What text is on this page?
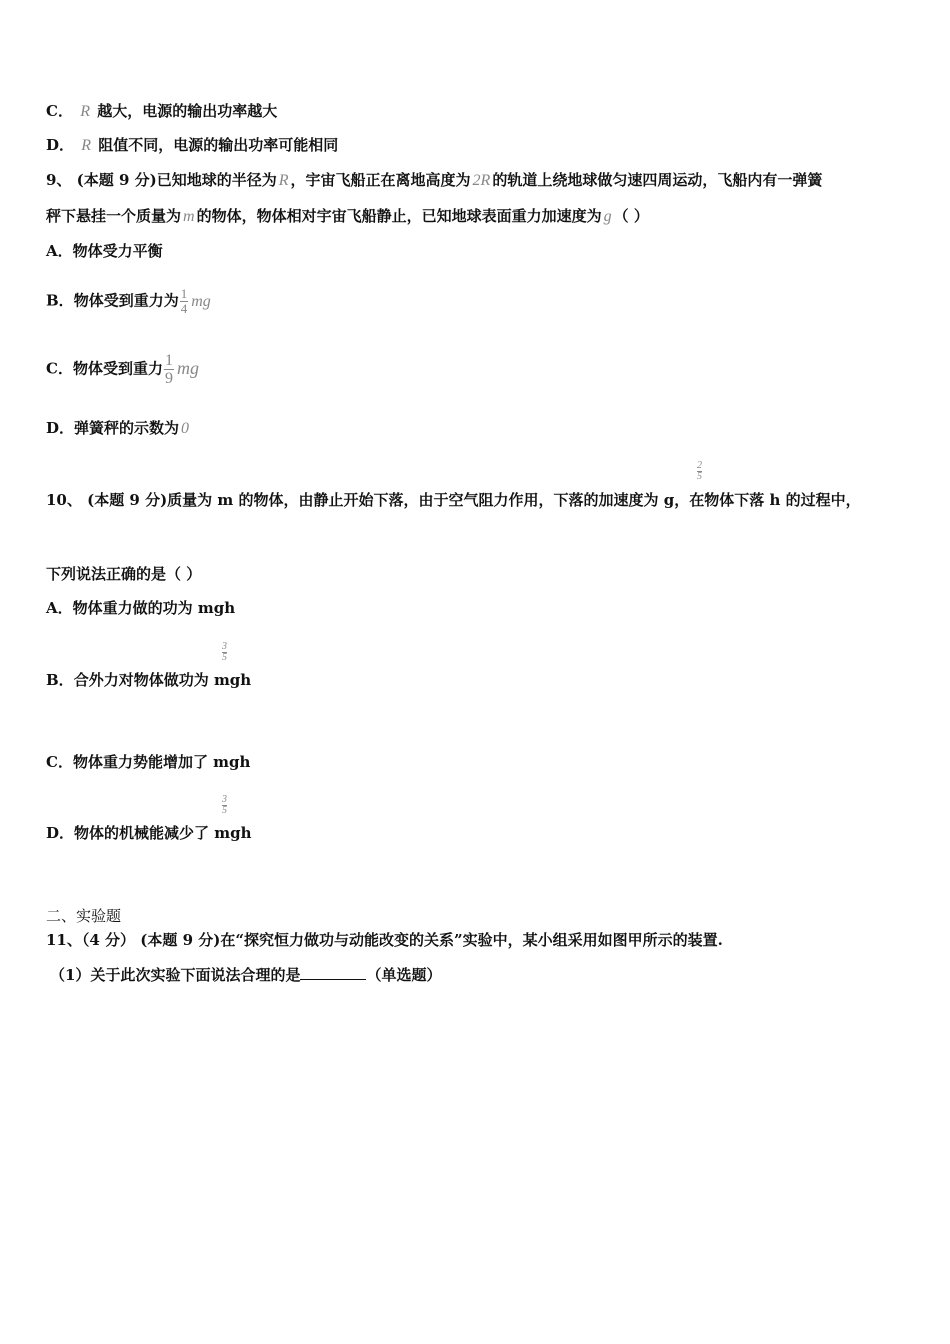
C． R 越大，电源的输出功率越大
D． R 阻值不同，电源的输出功率可能相同
9、 (本题 9 分)已知地球的半径为 R ，宇宙飞船正在离地高度为 2R 的轨道上绕地球做匀速四周运动，飞船内有一弹簧
秤下悬挂一个质量为 m 的物体，物体相对宇宙飞船静止，已知地球表面重力加速度为 g （ ）
A．物体受力平衡
B．物体受到重力为 $\frac{1}{4}$ mg
C．物体受到重力 $\frac{1}{9}$ mg
D．弹簧秤的示数为 0
$\frac{2}{5}$
10、 (本题 9 分)质量为 m 的物体，由静止开始下落，由于空气阻力作用，下落的加速度为 g，在物体下落 h 的过程中，
下列说法正确的是（ ）
A．物体重力做的功为 mgh
$\frac{3}{5}$
B．合外力对物体做功为 mgh
C．物体重力势能增加了 mgh
$\frac{3}{5}$
D．物体的机械能减少了 mgh
二、实验题
11、（4 分） (本题 9 分)在“探究恒力做功与动能改变的关系”实验中，某小组采用如图甲所示的装置.
（1）关于此次实验下面说法合理的是	（单选题）
